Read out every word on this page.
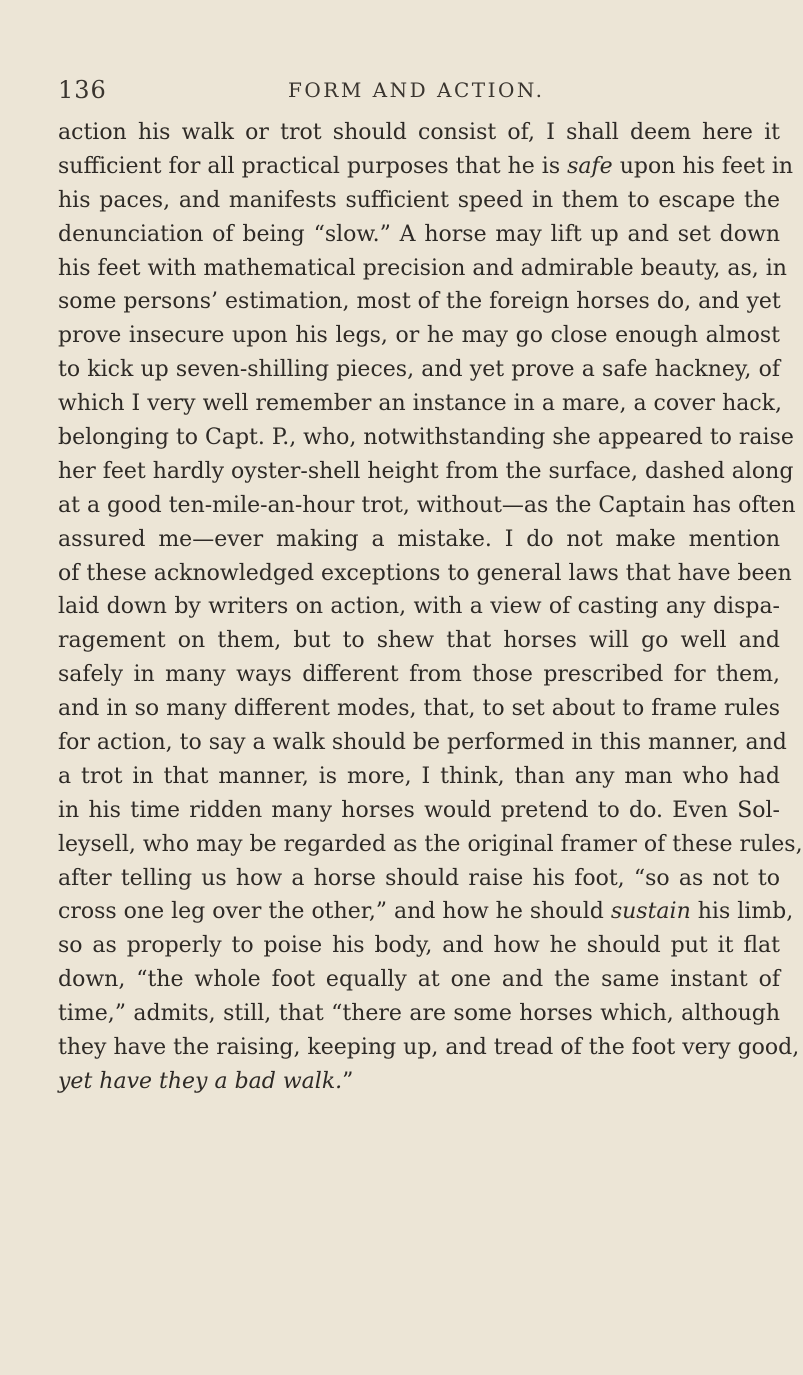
136	FORM AND ACTION.
action his walk or trot should consist of, I shall deem here it
sufficient for all practical purposes that he is safe upon his feet in
his paces, and manifests sufficient speed in them to escape the
denunciation of being “slow.” A horse may lift up and set down
his feet with mathematical precision and admirable beauty, as, in
some persons’ estimation, most of the foreign horses do, and yet
prove insecure upon his legs, or he may go close enough almost
to kick up seven-shilling pieces, and yet prove a safe hackney, of
which I very well remember an instance in a mare, a cover hack,
belonging to Capt. P., who, notwithstanding she appeared to raise
her feet hardly oyster-shell height from the surface, dashed along
at a good ten-mile-an-hour trot, without—as the Captain has often
assured me—ever making a mistake. I do not make mention
of these acknowledged exceptions to general laws that have been
laid down by writers on action, with a view of casting any dispa-
ragement on them, but to shew that horses will go well and
safely in many ways different from those prescribed for them,
and in so many different modes, that, to set about to frame rules
for action, to say a walk should be performed in this manner, and
a trot in that manner, is more, I think, than any man who had
in his time ridden many horses would pretend to do. Even Sol-
leysell, who may be regarded as the original framer of these rules,
after telling us how a horse should raise his foot, “so as not to
cross one leg over the other,” and how he should sustain his limb,
so as properly to poise his body, and how he should put it flat
down, “the whole foot equally at one and the same instant of
time,” admits, still, that “there are some horses which, although
they have the raising, keeping up, and tread of the foot very good,
yet have they a bad walk.”
